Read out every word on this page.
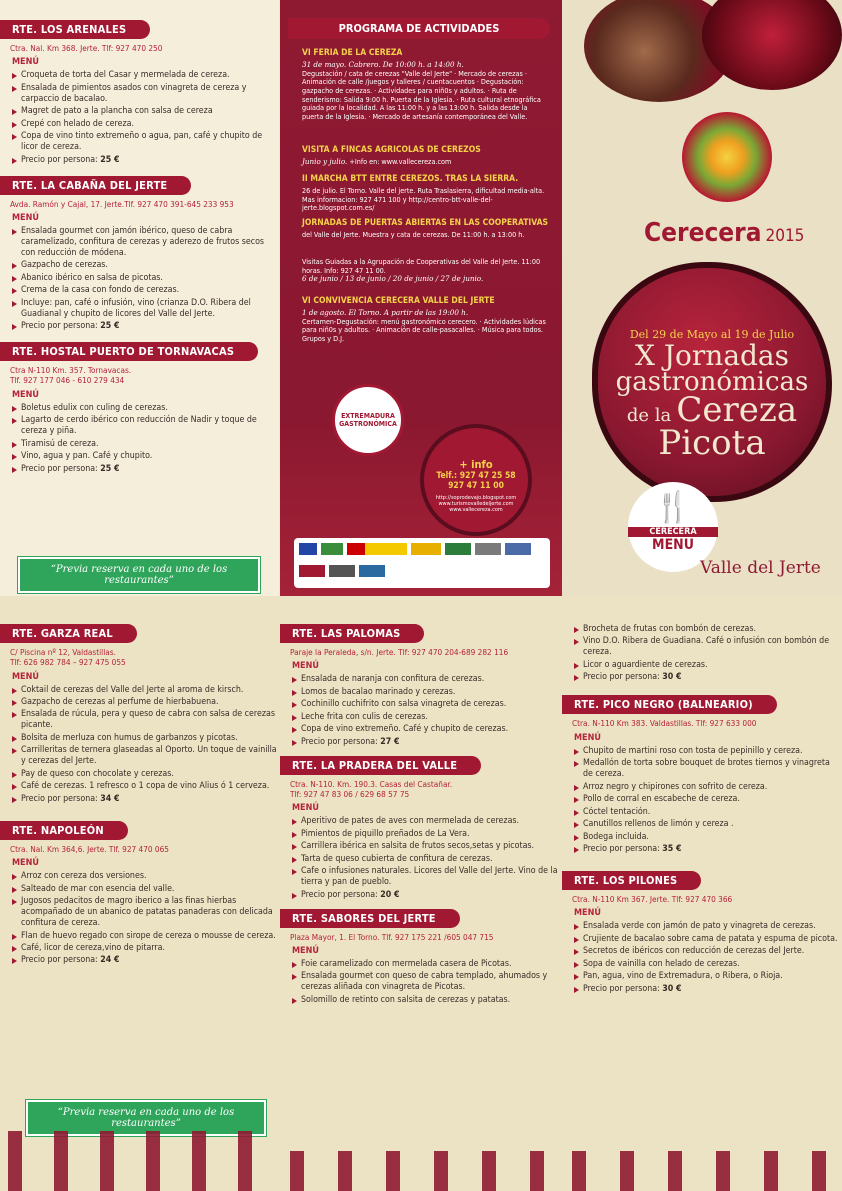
RTE. LOS ARENALES
Ctra. Nal. Km 368. Jerte. Tlf: 927 470 250
MENÚ
Croqueta de torta del Casar y mermelada de cereza.
Ensalada de pimientos asados con vinagreta de cereza y carpaccio de bacalao.
Magret de pato a la plancha con salsa de cereza
Crepé con helado de cereza.
Copa de vino tinto extremeño o agua, pan, café y chupito de licor de cereza.
Precio por persona: 25 €
RTE. LA CABAÑA DEL JERTE
Avda. Ramón y Cajal, 17. Jerte.Tlf. 927 470 391-645 233 953
MENÚ
Ensalada gourmet con jamón ibérico, queso de cabra caramelizado, confitura de cerezas y aderezo de frutos secos con reducción de módena.
Gazpacho de cerezas.
Abanico ibérico en salsa de picotas.
Crema de la casa con fondo de cerezas.
Incluye: pan, café o infusión, vino (crianza D.O. Ribera del Guadianal y chupito de licores del Valle del Jerte.
Precio por persona: 25 €
RTE. HOSTAL PUERTO DE TORNAVACAS
Ctra N-110 Km. 357. Tornavacas.
Tlf. 927 177 046 - 610 279 434
MENÚ
Boletus edulix con culing de cerezas.
Lagarto de cerdo ibérico con reducción de Nadir y toque de cereza y piña.
Tiramisú de cereza.
Vino, agua y pan. Café y chupito.
Precio por persona: 25 €
“Previa reserva en cada uno de los restaurantes”
PROGRAMA DE ACTIVIDADES
VI FERIA DE LA CEREZA
31 de mayo. Cabrero. De 10:00 h. a 14:00 h.
Degustación / cata de cerezas "Valle del Jerte" · Mercado de cerezas · Animación de calle /juegos y talleres / cuentacuentos · Degustación: gazpacho de cerezas. · Actividades para niñ0s y adultos. · Ruta de senderismo: Salida 9:00 h. Puerta de la Iglesia. · Ruta cultural etnográfica guiada por la localidad. A las 11:00 h. y a las 13:00 h. Salida desde la puerta de la Iglesia. · Mercado de artesanía contemporánea del Valle.
VISITA A FINCAS AGRICOLAS DE CEREZOS
Junio y julio. +Info en: www.vallecereza.com
II MARCHA BTT ENTRE CEREZOS. TRAS LA SIERRA.
26 de julio. El Torno. Valle del jerte. Ruta Traslasierra, dificultad media-alta. Mas informacion: 927 471 100 y http://centro-btt-valle-del-jerte.blogspot.com.es/
JORNADAS DE PUERTAS ABIERTAS EN LAS COOPERATIVAS
del Valle del Jerte. Muestra y cata de cerezas. De 11:00 h. a 13:00 h.
Visitas Guiadas a la Agrupación de Cooperativas del Valle del Jerte. 11:00 horas. Info: 927 47 11 00.
6 de junio / 13 de junio / 20 de junio / 27 de junio.
VI CONVIVENCIA CERECERA VALLE DEL JERTE
1 de agosto. El Torno. A partir de las 19:00 h.
Certamen-Degustación: menú gastronómico cerecero. · Actividades lúdicas para niñ0s y adultos. · Animación de calle-pasacalles. · Música para todos. Grupos y D.J.
EXTREMADURA GASTRONÓMICA
+ info
Telf.: 927 47 25 58
927 47 11 00
http://soprodevajo.blogspot.com
www.turismovalledeljerte.com
www.vallecereza.com
Cerecera 2015
Del 29 de Mayo al 19 de Julio
X Jornadas
gastronómicas
de la Cereza
Picota
🍴
CERECERA
MENU
Valle del Jerte
RTE. GARZA REAL
C/ Piscina nº 12, Valdastillas.
Tlf: 626 982 784 – 927 475 055
MENÚ
Coktail de cerezas del Valle del Jerte al aroma de kirsch.
Gazpacho de cerezas al perfume de hierbabuena.
Ensalada de rúcula, pera y queso de cabra con salsa de cerezas picante.
Bolsita de merluza con humus de garbanzos y picotas.
Carrilleritas de ternera glaseadas al Oporto. Un toque de vainilla y cerezas del Jerte.
Pay de queso con chocolate y cerezas.
Café de cerezas. 1 refresco o 1 copa de vino Alius ó 1 cerveza.
Precio por persona: 34 €
RTE. NAPOLEÓN
Ctra. Nal. Km 364,6. Jerte. Tlf. 927 470 065
MENÚ
Arroz con cereza dos versiones.
Salteado de mar con esencia del valle.
Jugosos pedacitos de magro iberico a las finas hierbas acompañado de un abanico de patatas panaderas con delicada confitura de cereza.
Flan de huevo regado con sirope de cereza o mousse de cereza.
Café, licor de cereza,vino de pitarra.
Precio por persona: 24 €
“Previa reserva en cada uno de los restaurantes”
RTE. LAS PALOMAS
Paraje la Peraleda, s/n. Jerte. Tlf: 927 470 204-689 282 116
MENÚ
Ensalada de naranja con confitura de cerezas.
Lomos de bacalao marinado y cerezas.
Cochinillo cuchifrito con salsa vinagreta de cerezas.
Leche frita con culis de cerezas.
Copa de vino extremeño. Café y chupito de cerezas.
Precio por persona: 27 €
RTE. LA PRADERA DEL VALLE
Ctra. N-110. Km. 190.3. Casas del Castañar.
Tlf: 927 47 83 06 / 629 68 57 75
MENÚ
Aperitivo de pates de aves con mermelada de cerezas.
Pimientos de piquillo preñados de La Vera.
Carrillera ibérica en salsita de frutos secos,setas y picotas.
Tarta de queso cubierta de confitura de cerezas.
Cafe o infusiones naturales. Licores del Valle del Jerte. Vino de la tierra y pan de pueblo.
Precio por persona: 20 €
RTE. SABORES DEL JERTE
Plaza Mayor, 1. El Torno. Tlf. 927 175 221 /605 047 715
MENÚ
Foie caramelizado con mermelada casera de Picotas.
Ensalada gourmet con queso de cabra templado, ahumados y cerezas aliñada con vinagreta de Picotas.
Solomillo de retinto con salsita de cerezas y patatas.
Brocheta de frutas con bombón de cerezas.
Vino D.O. Ribera de Guadiana. Café o infusión con bombón de cereza.
Licor o aguardiente de cerezas.
Precio por persona: 30 €
RTE. PICO NEGRO (BALNEARIO)
Ctra. N-110 Km 383. Valdastillas. Tlf: 927 633 000
MENÚ
Chupito de martini roso con tosta de pepinillo y cereza.
Medallón de torta sobre bouquet de brotes tiernos y vinagreta de cereza.
Arroz negro y chipirones con sofrito de cereza.
Pollo de corral en escabeche de cereza.
Cóctel tentación.
Canutillos rellenos de limón y cereza .
Bodega incluida.
Precio por persona: 35 €
RTE. LOS PILONES
Ctra. N-110 Km 367. Jerte. Tlf: 927 470 366
MENÚ
Ensalada verde con jamón de pato y vinagreta de cerezas.
Crujiente de bacalao sobre cama de patata y espuma de picota.
Secretos de ibéricos con reducción de cerezas del Jerte.
Sopa de vainilla con helado de cerezas.
Pan, agua, vino de Extremadura, o Ribera, o Rioja.
Precio por persona: 30 €
